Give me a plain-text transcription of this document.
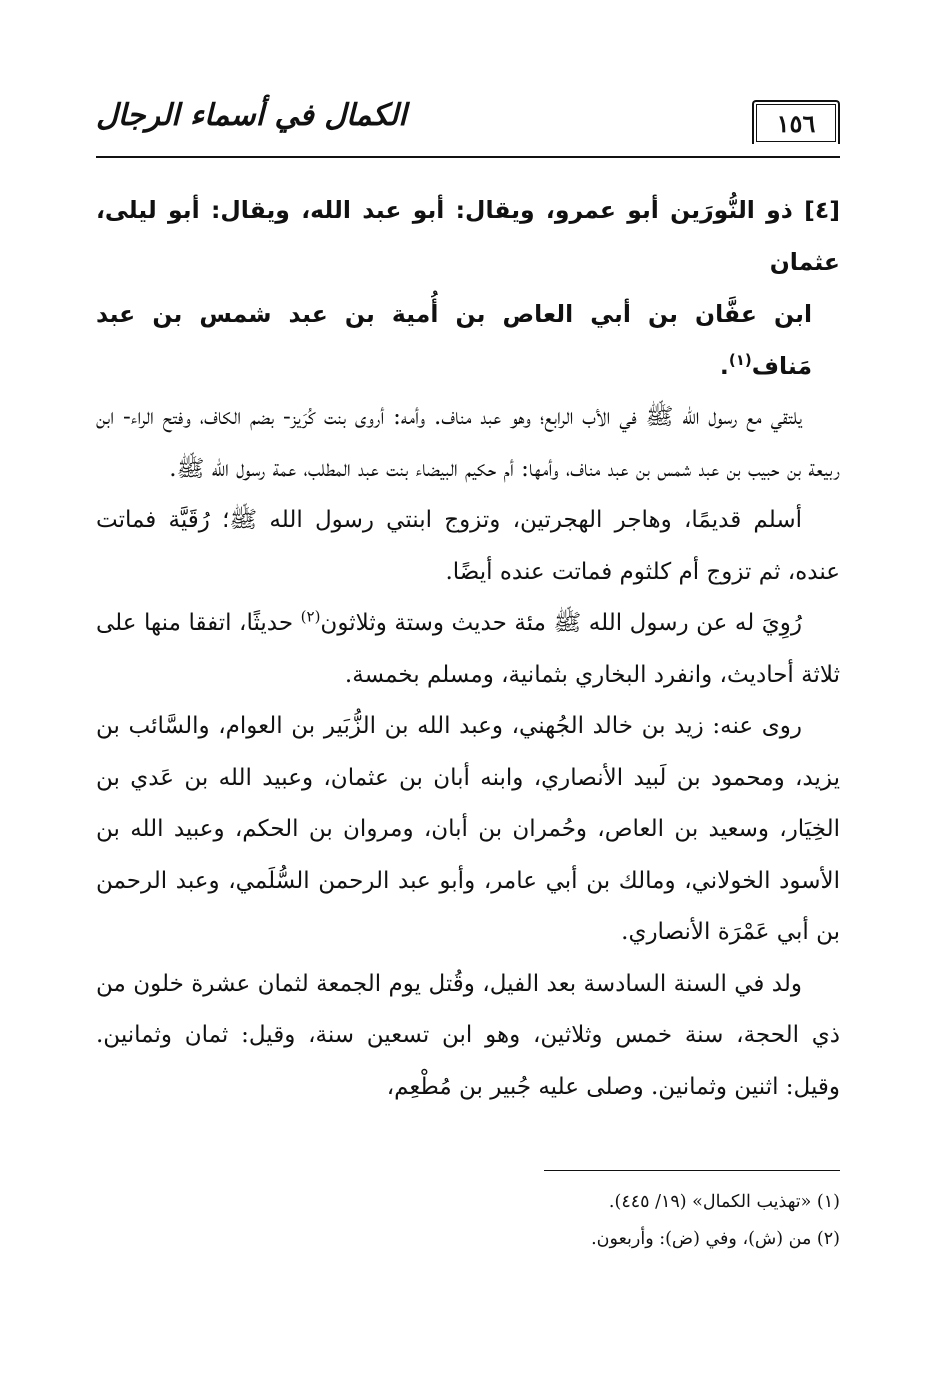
الكمال في أسماء الرجال	١٥٦

[٤] ذو النُّورَين أبو عمرو، ويقال: أبو عبد الله، ويقال: أبو ليلى، عثمان
ابن عفَّان بن أبي العاص بن أُمية بن عبد شمس بن عبد مَناف$^{(١)}$.

يلتقي مع رسول الله ﷺ في الأب الرابع؛ وهو عبد مناف. وأمه: أروى بنت كُرَيز- بضم الكاف، وفتح الراء- ابن ربيعة بن حبيب بن عبد شمس بن عبد مناف، وأمها: أم حكيم البيضاء بنت عبد المطلب، عمة رسول الله ﷺ.

أسلم قديمًا، وهاجر الهجرتين، وتزوج ابنتي رسول الله ﷺ؛ رُقَيَّة فماتت عنده، ثم تزوج أم كلثوم فماتت عنده أيضًا.

رُوِيَ له عن رسول الله ﷺ مئة حديث وستة وثلاثون$^{(٢)}$ حديثًا، اتفقا منها على ثلاثة أحاديث، وانفرد البخاري بثمانية، ومسلم بخمسة.

روى عنه: زيد بن خالد الجُهني، وعبد الله بن الزُّبَير بن العوام، والسَّائب بن يزيد، ومحمود بن لَبيد الأنصاري، وابنه أبان بن عثمان، وعبيد الله بن عَدي بن الخِيَار، وسعيد بن العاص، وحُمران بن أبان، ومروان بن الحكم، وعبيد الله بن الأسود الخولاني، ومالك بن أبي عامر، وأبو عبد الرحمن السُّلَمي، وعبد الرحمن بن أبي عَمْرَة الأنصاري.

ولد في السنة السادسة بعد الفيل، وقُتل يوم الجمعة لثمان عشرة خلون من ذي الحجة، سنة خمس وثلاثين، وهو ابن تسعين سنة، وقيل: ثمان وثمانين. وقيل: اثنين وثمانين. وصلى عليه جُبير بن مُطْعِم،

(١) «تهذيب الكمال» (١٩/ ٤٤٥).

(٢) من (ش)، وفي (ض): وأربعون.
